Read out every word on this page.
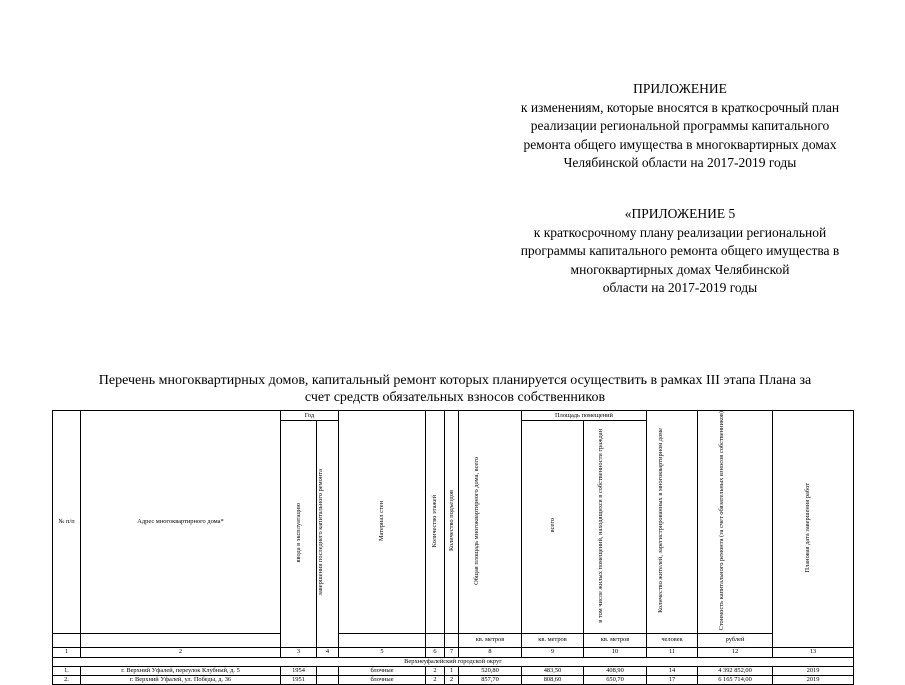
ПРИЛОЖЕНИЕ
к изменениям, которые вносятся в краткосрочный план
реализации региональной программы капитального
ремонта общего имущества в многоквартирных домах
Челябинской области на 2017-2019 годы
«ПРИЛОЖЕНИЕ 5
к краткосрочному плану реализации региональной
программы капитального ремонта общего имущества в
многоквартирных домах Челябинской
области на 2017-2019 годы
Перечень многоквартирных домов, капитальный ремонт которых планируется осуществить в рамках III этапа Плана за
счет средств обязательных взносов собственников
№ п/п	Адрес многоквартирного дома*	Год		Материал стен	Количество этажей	Количество подъездов	Общая площадь многоквартирного дома, всего	Площадь помещений		Количество жителей, зарегистрированных в многоквартирном доме	Стоимость капитального ремонта (за счет обязательных взносов собственников)	Плановая дата завершения работ
		ввода в эксплуатацию	завершения последнего капитального ремонта					всего	в том числе жилых помещений, находящихся в собственности граждан			
							кв. метров	кв. метров	кв. метров	человек	рублей	
1	2	3	4	5	6	7	8	9	10	11	12	13
Верхнеуфалейский городской округ												
1.	г. Верхний Уфалей, переулок Клубный, д. 5	1954		блочные	2	1	520,80	483,50	408,90	14	4 392 852,00	2019
2.	г. Верхний Уфалей, ул. Победы, д. 36	1951		блочные	2	2	857,70	808,60	650,70	17	6 165 714,00	2019
